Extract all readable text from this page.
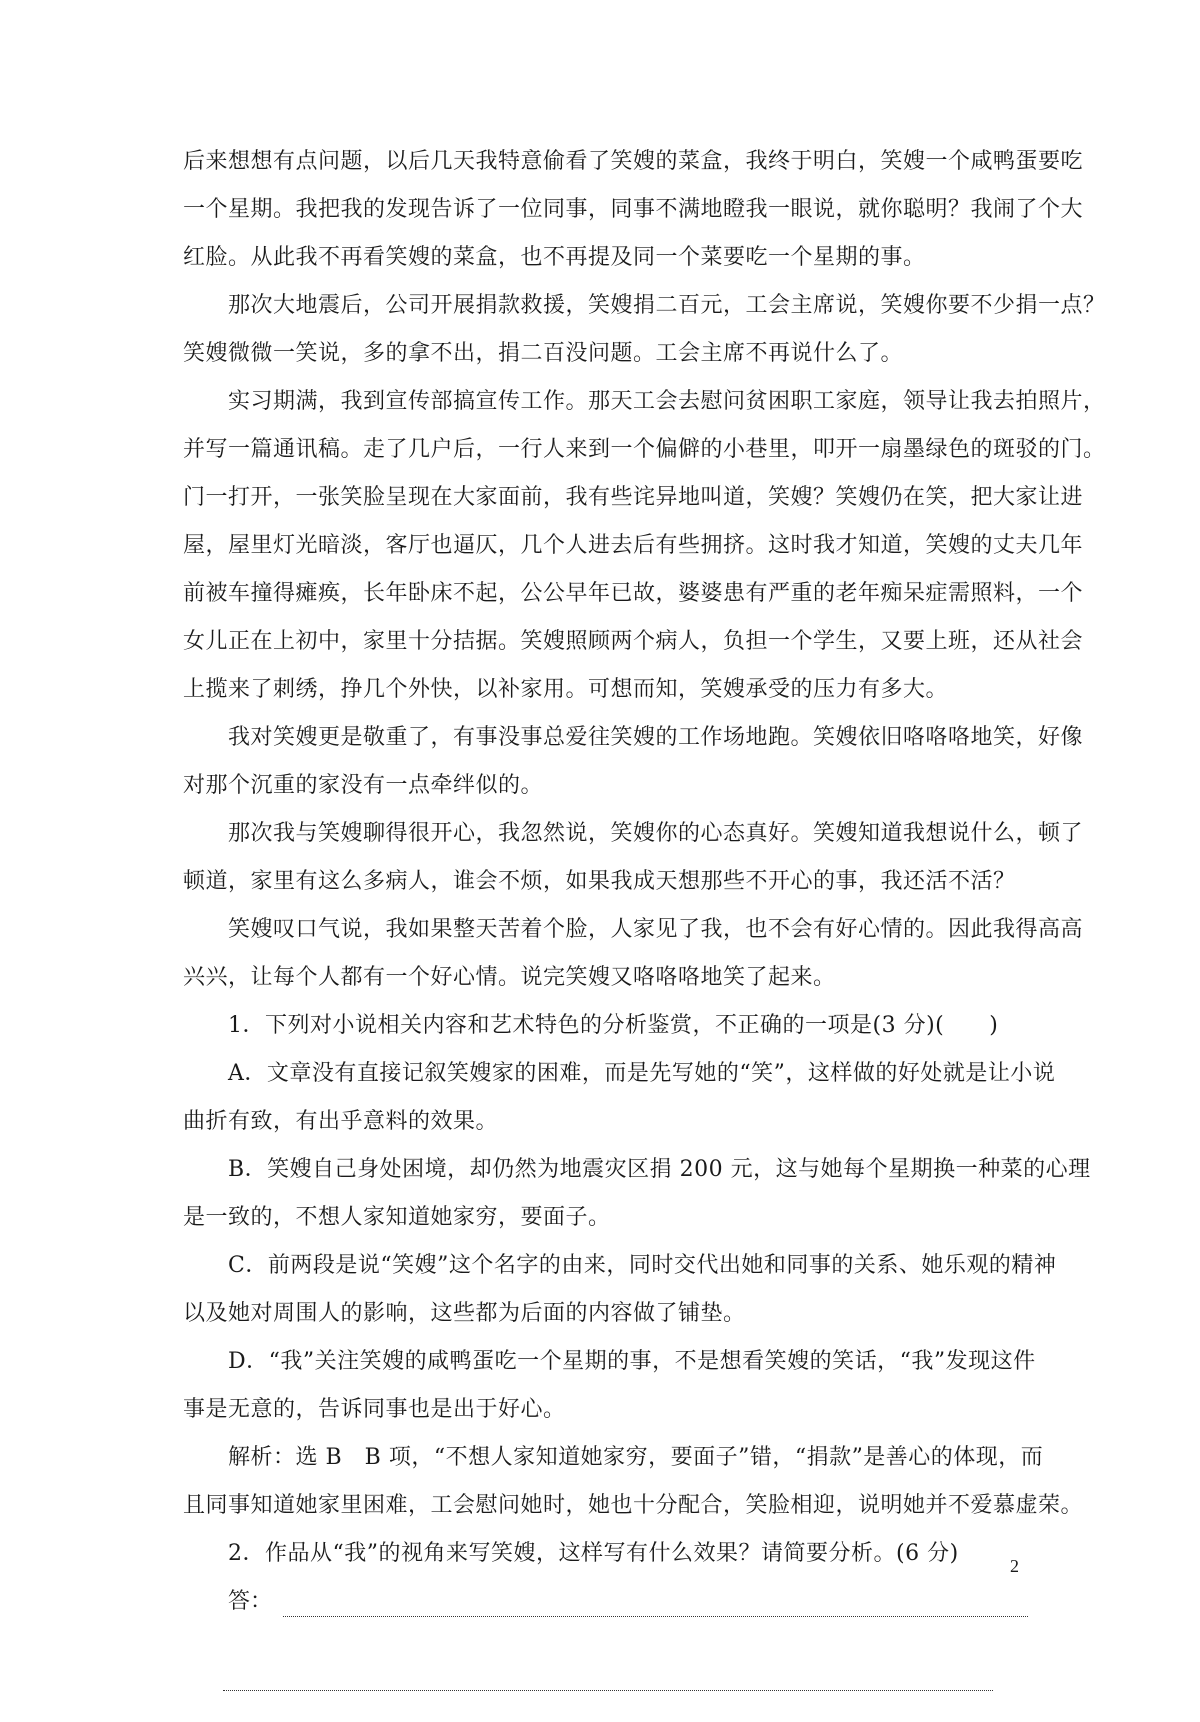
后来想想有点问题，以后几天我特意偷看了笑嫂的菜盒，我终于明白，笑嫂一个咸鸭蛋要吃
一个星期。我把我的发现告诉了一位同事，同事不满地瞪我一眼说，就你聪明？我闹了个大
红脸。从此我不再看笑嫂的菜盒，也不再提及同一个菜要吃一个星期的事。
那次大地震后，公司开展捐款救援，笑嫂捐二百元，工会主席说，笑嫂你要不少捐一点？
笑嫂微微一笑说，多的拿不出，捐二百没问题。工会主席不再说什么了。
实习期满，我到宣传部搞宣传工作。那天工会去慰问贫困职工家庭，领导让我去拍照片，
并写一篇通讯稿。走了几户后，一行人来到一个偏僻的小巷里，叩开一扇墨绿色的斑驳的门。
门一打开，一张笑脸呈现在大家面前，我有些诧异地叫道，笑嫂？笑嫂仍在笑，把大家让进
屋，屋里灯光暗淡，客厅也逼仄，几个人进去后有些拥挤。这时我才知道，笑嫂的丈夫几年
前被车撞得瘫痪，长年卧床不起，公公早年已故，婆婆患有严重的老年痴呆症需照料，一个
女儿正在上初中，家里十分拮据。笑嫂照顾两个病人，负担一个学生，又要上班，还从社会
上揽来了刺绣，挣几个外快，以补家用。可想而知，笑嫂承受的压力有多大。
我对笑嫂更是敬重了，有事没事总爱往笑嫂的工作场地跑。笑嫂依旧咯咯咯地笑，好像
对那个沉重的家没有一点牵绊似的。
那次我与笑嫂聊得很开心，我忽然说，笑嫂你的心态真好。笑嫂知道我想说什么，顿了
顿道，家里有这么多病人，谁会不烦，如果我成天想那些不开心的事，我还活不活？
笑嫂叹口气说，我如果整天苦着个脸，人家见了我，也不会有好心情的。因此我得高高
兴兴，让每个人都有一个好心情。说完笑嫂又咯咯咯地笑了起来。
1．下列对小说相关内容和艺术特色的分析鉴赏，不正确的一项是(3 分)(　　)
A．文章没有直接记叙笑嫂家的困难，而是先写她的“笑”，这样做的好处就是让小说
曲折有致，有出乎意料的效果。
B．笑嫂自己身处困境，却仍然为地震灾区捐 200 元，这与她每个星期换一种菜的心理
是一致的，不想人家知道她家穷，要面子。
C．前两段是说“笑嫂”这个名字的由来，同时交代出她和同事的关系、她乐观的精神
以及她对周围人的影响，这些都为后面的内容做了铺垫。
D．“我”关注笑嫂的咸鸭蛋吃一个星期的事，不是想看笑嫂的笑话，“我”发现这件
事是无意的，告诉同事也是出于好心。
解析：选 B　B 项，“不想人家知道她家穷，要面子”错，“捐款”是善心的体现，而
且同事知道她家里困难，工会慰问她时，她也十分配合，笑脸相迎，说明她并不爱慕虚荣。
2．作品从“我”的视角来写笑嫂，这样写有什么效果？请简要分析。(6 分)
答：
2
